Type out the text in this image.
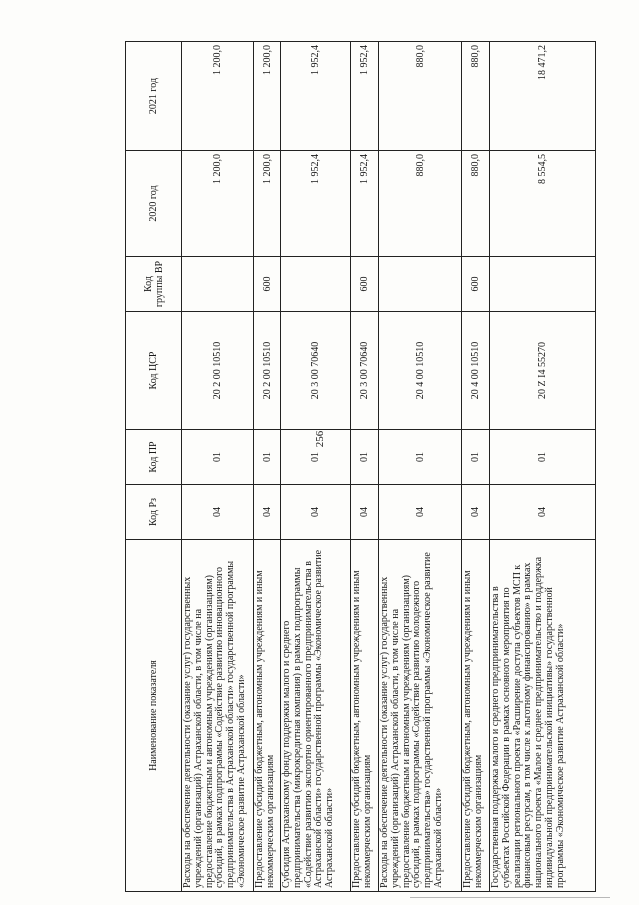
256
Наименование показателя	Код Рз	Код ПР	Код ЦСР	Код группы ВР	2020 год	2021 год
Расходы на обеспечение деятельности (оказание услуг) государственных учреждений (организаций) Астраханской области, в том числе на предоставление бюджетным и автономным учреждениям (организациям) субсидий, в рамках подпрограммы «Содействие развитию инновационного предпринимательства в Астраханской области» государственной программы «Экономическое развитие Астраханской области»	04	01	20 2 00 10510		1 200,0	1 200,0
Предоставление субсидий бюджетным, автономным учреждениям и иным некоммерческим организациям	04	01	20 2 00 10510	600	1 200,0	1 200,0
Субсидия Астраханскому фонду поддержки малого и среднего предпринимательства (микрокредитная компания) в рамках подпрограммы «Содействие развитию экспортно ориентированного предпринимательства в Астраханской области» государственной программы «Экономическое развитие Астраханской области»	04	01	20 3 00 70640		1 952,4	1 952,4
Предоставление субсидий бюджетным, автономным учреждениям и иным некоммерческим организациям	04	01	20 3 00 70640	600	1 952,4	1 952,4
Расходы на обеспечение деятельности (оказание услуг) государственных учреждений (организаций) Астраханской области, в том числе на предоставление бюджетным и автономным учреждениям (организациям) субсидий, в рамках подпрограммы «Содействие развитию молодежного предпринимательства» государственной программы «Экономическое развитие Астраханской области»	04	01	20 4 00 10510		880,0	880,0
Предоставление субсидий бюджетным, автономным учреждениям и иным некоммерческим организациям	04	01	20 4 00 10510	600	880,0	880,0
Государственная поддержка малого и среднего предпринимательства в субъектах Российской Федерации в рамках основного мероприятия по реализации регионального проекта «Расширение доступа субъектов МСП к финансовым ресурсам, в том числе к льготному финансированию» в рамках национального проекта «Малое и среднее предпринимательство и поддержка индивидуальной предпринимательской инициативы» государственной программы «Экономическое развитие Астраханской области»	04	01	20 Z I4 55270		8 554,5	18 471,2
